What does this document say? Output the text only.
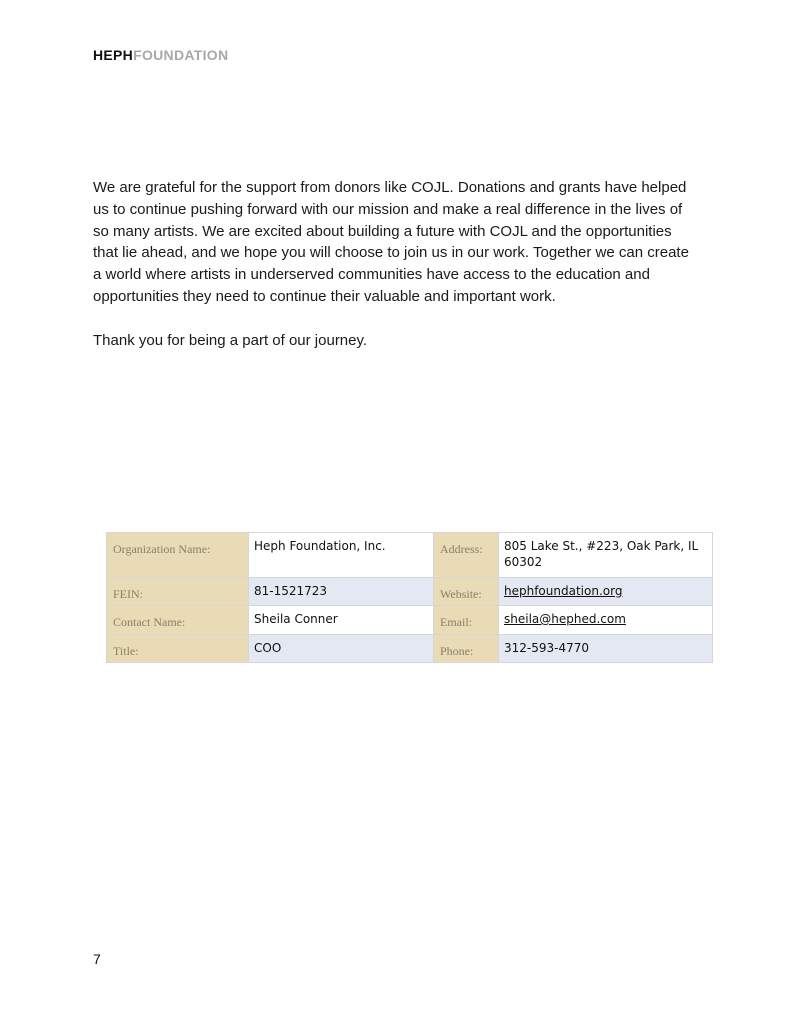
HEPHFOUNDATION

We are grateful for the support from donors like COJL. Donations and grants have helped us to continue pushing forward with our mission and make a real difference in the lives of so many artists. We are excited about building a future with COJL and the opportunities that lie ahead, and we hope you will choose to join us in our work. Together we can create a world where artists in underserved communities have access to the education and opportunities they need to continue their valuable and important work.

Thank you for being a part of our journey.

Organization Name:	Heph Foundation, Inc.	Address:	805 Lake St., #223, Oak Park, IL 60302
FEIN:	81-1521723	Website:	hephfoundation.org
Contact Name:	Sheila Conner	Email:	sheila@hephed.com
Title:	COO	Phone:	312-593-4770
7
